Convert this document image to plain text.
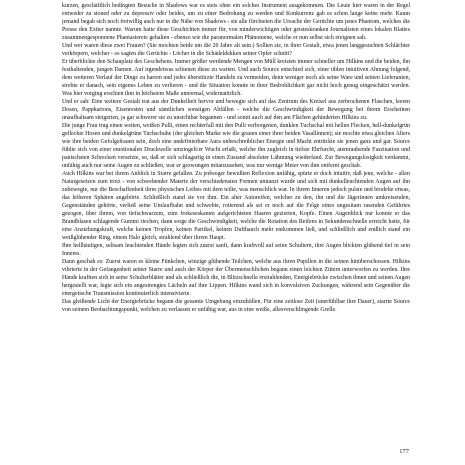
kurzen, geschäftlich bedingten Besuche in Shadows war es stets ohne ein solches Instrument ausgekommen. Die Leute hier waren in der Regel entweder zu stoned oder zu depressiv oder beides, um zu einer Bedrohung zu werden und Konkurrenz gab es schon lange keine mehr. Kaum jemand begab sich noch freiwillig auch nur in die Nähe von Shadows - sie alle fürchteten die Ursache der Gerüchte um jenes Phantom, welches die Presse den Exiter nannte. Warum hatte diese Geschichten immer für, von minderwichtigen oder geisteskranken Journalisten eines lokalen Blattes zusammengesponnene Phantasiereie gehalten - ebenso wie die paranormalen Phänomene, welche er nun selbst sich ereignen sah.

Und wer waren diese zwei Frauen? (Sie mochten beide um die 20 Jahre alt sein.) Sollten sie, in ihrer Gestalt, etwa jenen langgesuchten Schlächter verkörpern, welcher - so sagten die Gerüchte - Löcher in die Schädeldekken seiner Opfer schnitt?

Er überblickte den Schauplatz des Geschehens. Immer größer werdende Mengen von Müll kreisten immer schneller um Hilkins und die beiden, ihn festhaltenden, jungen Damen. Auf irgendetwas schienen diese zu warten. Und auch Source entschied sich, einer üblen intuitiven Ahnung folgend, dem weiteren Verlauf der Dinge zu harren und jedes überstürzte Handeln zu vermeiden, denn weniger noch als seine Ware und seinen Lieferanten, strebte er danach, sein eigenes Leben zu verlieren - und die Situation konnte in ihrer Bedrohlichkeit gar nicht hoch genug eingeschätzt werden. Was hier vorging erschien ihm in höchstem Maße unnormal, widernatürlich.

Und er sah: Eine weitere Gestalt trat aus der Dunkelheit hervor und bewegte sich auf das Zentrum des Kreisel aus zerbrochenen Flaschen, leeren Dosen, Pappkartons, Eisenresten und sämtlichen sonstigen Abfällen - welche die Geschwindigkeit der Bewegung bei ihrem Erscheinen unaufhaltsam steigerten, ja gar schwerer sie zu unsichtbar begannen - und somit auch auf den am Flächen gehinderten Hilkins zu.

Die junge Frau trug einen weiten, weißen Pulli, einen rechterfall mit den Pulli verborgenen, dunklen Tuchschal mit hellen Flecken, hell-dunkelgrün gefleckte Hosen und dunkelgrüne Tuchschuhe (der gleichen Marke wie die grauen einer ihrer beiden Vasallinnen); sie mochte etwa gleichen Alters wie ihre beiden Gefolgsfrauen sein, doch eine undefinierbare Aura unbeschreiblicher Energie und Macht entrückte sie jenen ganz und gar. Source fühlte sich von einer emotionalen Druckwelle umzingelt/er Wucht erfaßt, welche ihn zugleich in tiefste Ehrfurcht, atemraubende Faszination und panischsten Schrecken versetzte, so, daß er sich schlagartig in einen Zustand absoluter Lähmung wiederfand. Zur Bewegungslosigkeit verdammt, unfähig auch nur seine Augen zu schließen, war er gezwungen mitanzusehen, was nur wenige Meter von ihm entfernt geschah.

Auch Hilkins war bei ihrem Anblick in Starre gefallen. Zu jedweger bewußten Reflexion unfähig, spürte er doch intuitiv, daß jene, welche - allen Naturgesetzen zum trotz - von schwebender Materie der verschiedensten Formen umtanzt wurde und sich mit dunkelleuchtenden Augen auf ihn zubewegte, nur die Beschaffenheit ihres physischen Leibes mit dem teilte, was menschlich war. In ihrem Inneren jedoch pulste und brodelte etwas, das höheren Sphären angehörte. Schließlich stand sie vor ihm. Ein alter Autoreifen, welcher zu den, ihn und die Jägerinnen umkreisenden, Gegenständen gehörte, verließ seine Umlaufbahn und schwebte, rotierend als sei er noch auf die Felge eines ungesitam rasenden Gefährtes gezogen, über ihrem, von tiefschwarzem, zum frokeseskamm aufgerichteten Haaren gezierten, Kopfe. Einen Augenblick nur konnte er das Brandblasen schlagende Gummi riechen, dann sorge die Geschwindigkeit, welche die Rotation des Reifens in Sekundenschnelle erreicht hatte, für eine Anziehungskraft, welche keinen Tropfen, keinen Partikel, keinen Dufthauch mehr entkommen ließ, und schließlich und endlich stand ein weißglühender Ring, einem Halo gleich, strahlend über ihrem Haupt.

Ihre hellhäutigen, seltsam leuchtenden Hände legten sich zuerst sanft, dann kraftvoll auf seine Schultern, ihre Augen blickten glühend tief in sein Inneres.

Dann geschah es: Zuerst waren es kleine Fünkchen, winzige glühende Teilchen, welche aus ihren Pupillen in die seinen hinüberschossen. Hilkins vibrierte in der Gefangenheit seiner Starre und auch der Körper der Übermenschlichen begann einen leichten Zittern unterworfen zu werden. Ihre Hände kraftten sich in seine Schulterblätter und als schließlich die, in Blitzschnelle erstrahlenden, Energiebrücke zwischen ihnen und seinen Augen hergestellt war, legte sich ein angestrengtes Lächeln auf ihre Lippen. Hilkins wand sich in konvulsiven Zuckungen, während sein Gegenüber die energetische Transmission kontinuierlich intensivierte.

Das gleißende Licht der Energiebrücke begann die gesamte Umgebung einzuhüllen. Für eine zeitlose Zeit (unerfühlbar ihre Dauer), starrte Source von seinem Beobachtungspunkt, welchen zu verlassen er unfähig war, aus in eine weiße, allesverschlingende Grelle.

177
